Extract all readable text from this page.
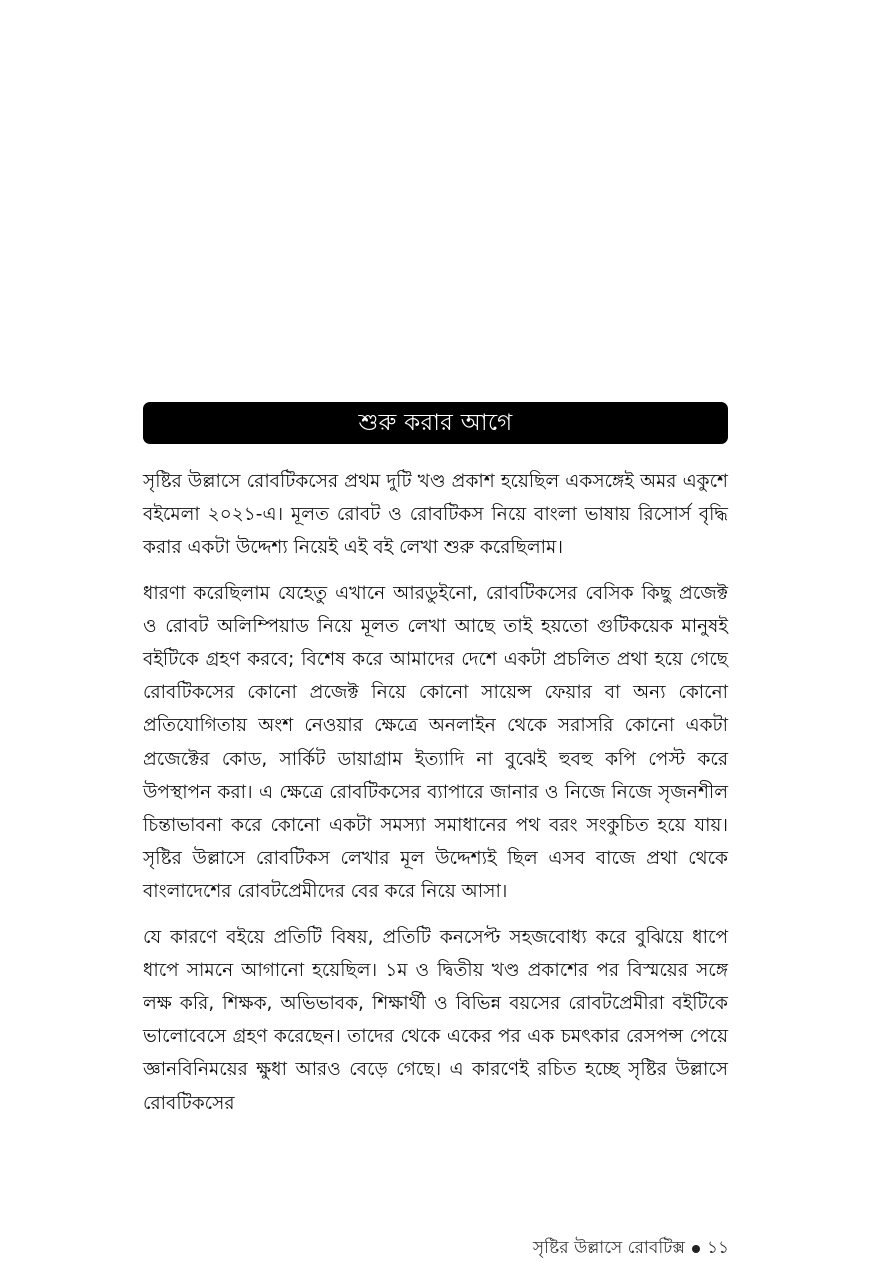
শুরু করার আগে

সৃষ্টির উল্লাসে রোবটিকসের প্রথম দুটি খণ্ড প্রকাশ হয়েছিল একসঙ্গেই অমর একুশে বইমেলা ২০২১-এ। মূলত রোবট ও রোবটিকস নিয়ে বাংলা ভাষায় রিসোর্স বৃদ্ধি করার একটা উদ্দেশ্য নিয়েই এই বই লেখা শুরু করেছিলাম।

ধারণা করেছিলাম যেহেতু এখানে আরডুইনো, রোবটিকসের বেসিক কিছু প্রজেক্ট ও রোবট অলিম্পিয়াড নিয়ে মূলত লেখা আছে তাই হয়তো গুটিকয়েক মানুষই বইটিকে গ্রহণ করবে; বিশেষ করে আমাদের দেশে একটা প্রচলিত প্রথা হয়ে গেছে রোবটিকসের কোনো প্রজেক্ট নিয়ে কোনো সায়েন্স ফেয়ার বা অন্য কোনো প্রতিযোগিতায় অংশ নেওয়ার ক্ষেত্রে অনলাইন থেকে সরাসরি কোনো একটা প্রজেক্টের কোড, সার্কিট ডায়াগ্রাম ইত্যাদি না বুঝেই হুবহু কপি পেস্ট করে উপস্থাপন করা। এ ক্ষেত্রে রোবটিকসের ব্যাপারে জানার ও নিজে নিজে সৃজনশীল চিন্তাভাবনা করে কোনো একটা সমস্যা সমাধানের পথ বরং সংকুচিত হয়ে যায়। সৃষ্টির উল্লাসে রোবটিকস লেখার মূল উদ্দেশ্যই ছিল এসব বাজে প্রথা থেকে বাংলাদেশের রোবটপ্রেমীদের বের করে নিয়ে আসা।

যে কারণে বইয়ে প্রতিটি বিষয়, প্রতিটি কনসেপ্ট সহজবোধ্য করে বুঝিয়ে ধাপে ধাপে সামনে আগানো হয়েছিল। ১ম ও দ্বিতীয় খণ্ড প্রকাশের পর বিস্ময়ের সঙ্গে লক্ষ করি, শিক্ষক, অভিভাবক, শিক্ষার্থী ও বিভিন্ন বয়সের রোবটপ্রেমীরা বইটিকে ভালোবেসে গ্রহণ করেছেন। তাদের থেকে একের পর এক চমৎকার রেসপন্স পেয়ে জ্ঞানবিনিময়ের ক্ষুধা আরও বেড়ে গেছে। এ কারণেই রচিত হচ্ছে সৃষ্টির উল্লাসে রোবটিকসের

সৃষ্টির উল্লাসে রোবটিক্স ১১
